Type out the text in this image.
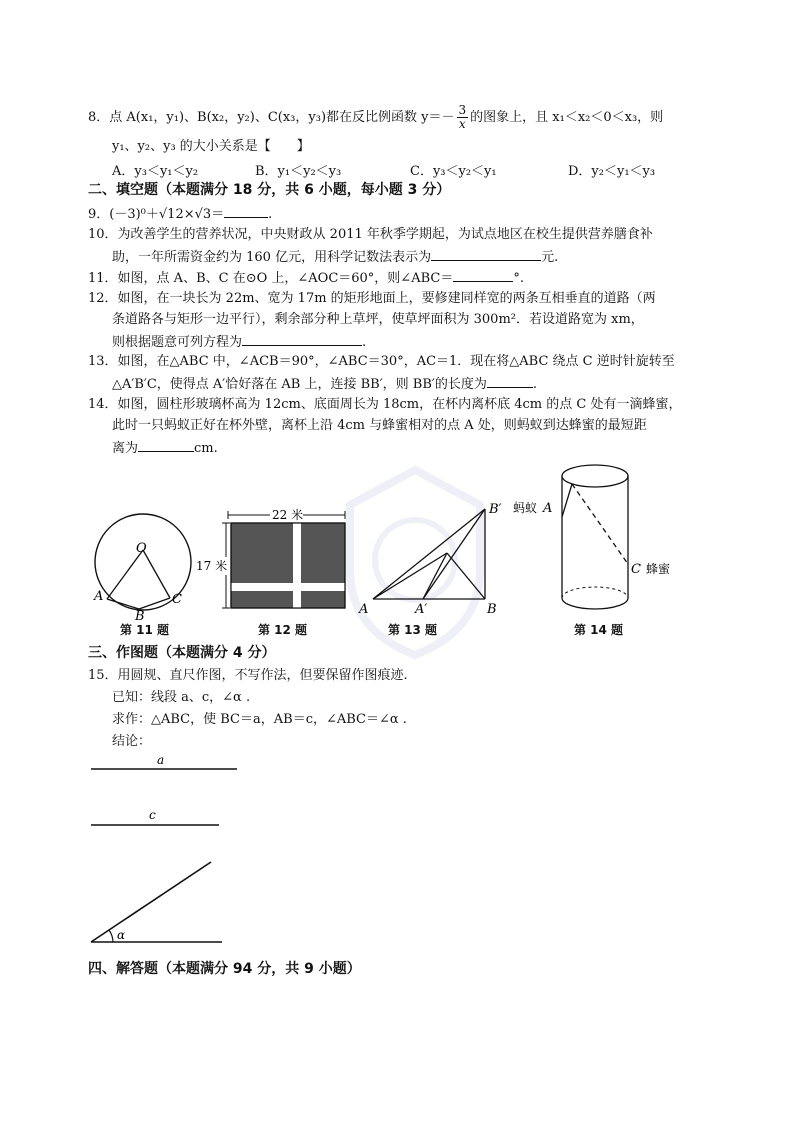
8．点 A(x₁，y₁)、B(x₂，y₂)、C(x₃，y₃)都在反比例函数 $y=- \frac{3}{x}$ 的图象上，且 x₁＜x₂＜0＜x₃，则
y₁、y₂、y₃ 的大小关系是【　　】
A．y₃＜y₁＜y₂	B．y₁＜y₂＜y₃	C．y₃＜y₂＜y₁	D．y₂＜y₁＜y₃
二、填空题（本题满分 18 分，共 6 小题，每小题 3 分）
9．(－3)⁰＋√12×√3＝	.
10．为改善学生的营养状况，中央财政从 2011 年秋季学期起，为试点地区在校生提供营养膳食补
助，一年所需资金约为 160 亿元，用科学记数法表示为	元.
11．如图，点 A、B、C 在⊙O 上，∠AOC＝60°，则∠ABC＝	°.
12．如图，在一块长为 22m、宽为 17m 的矩形地面上，要修建同样宽的两条互相垂直的道路（两
条道路各与矩形一边平行），剩余部分种上草坪，使草坪面积为 300m²．若设道路宽为 xm，
则根据题意可列方程为	.
13．如图，在△ABC 中，∠ACB＝90°，∠ABC＝30°，AC＝1．现在将△ABC 绕点 C 逆时针旋转至
△A′B′C，使得点 A′恰好落在 AB 上，连接 BB′，则 BB′的长度为	.
14．如图，圆柱形玻璃杯高为 12cm、底面周长为 18cm，在杯内离杯底 4cm 的点 C 处有一滴蜂蜜，
此时一只蚂蚁正好在杯外壁，离杯上沿 4cm 与蜂蜜相对的点 A 处，则蚂蚁到达蜂蜜的最短距
离为	cm.
O
A
B
C
第 11 题
22 米
17 米
第 12 题
A	A′	B
B′
第 13 题
蚂蚁 A
C 蜂蜜
第 14 题
三、作图题（本题满分 4 分）
15．用圆规、直尺作图，不写作法，但要保留作图痕迹.
已知：线段 a、c，∠α .
求作：△ABC，使 BC＝a，AB＝c，∠ABC＝∠α .
结论：
a
c
α
四、解答题（本题满分 94 分，共 9 小题）
